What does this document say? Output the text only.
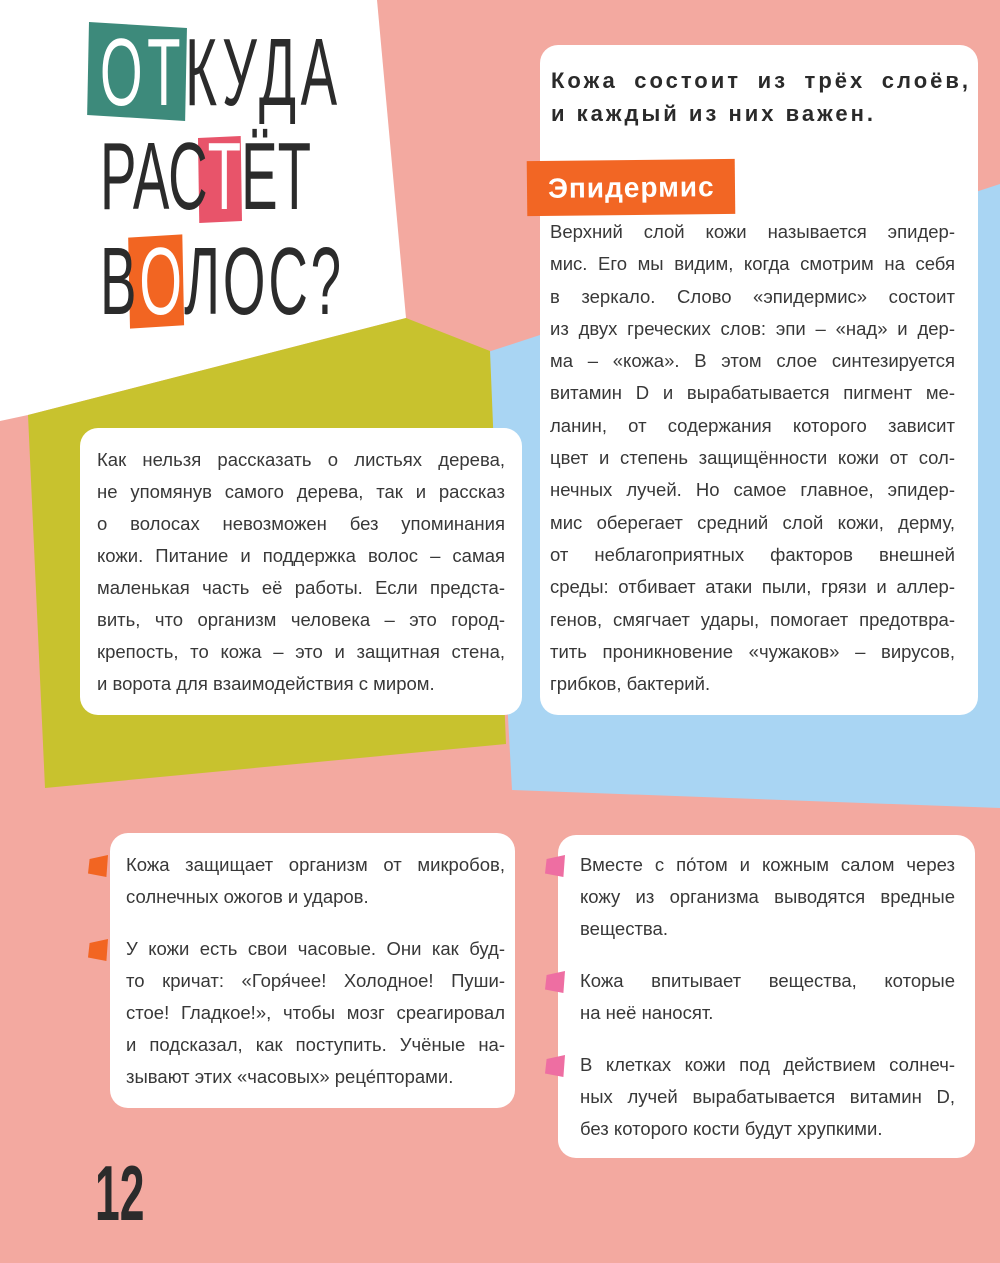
ОТКУДА
РАСТЁТ
ВОЛОС?
Как нельзя рассказать о листьях дерева,
не упомянув самого дерева, так и рассказ
о волосах невозможен без упоминания
кожи. Питание и поддержка волос – самая
маленькая часть её работы. Если предста-
вить, что организм человека – это город-
крепость, то кожа – это и защитная стена,
и ворота для взаимодействия с миром.
Кожа состоит из трёх слоёв,
и каждый из них важен.
Эпидермис
Верхний слой кожи называется эпидер-
мис. Его мы видим, когда смотрим на себя
в зеркало. Слово «эпидермис» состоит
из двух греческих слов: эпи – «над» и дер-
ма – «кожа». В этом слое синтезируется
витамин D и вырабатывается пигмент ме-
ланин, от содержания которого зависит
цвет и степень защищённости кожи от сол-
нечных лучей. Но самое главное, эпидер-
мис оберегает средний слой кожи, дерму,
от неблагоприятных факторов внешней
среды: отбивает атаки пыли, грязи и аллер-
генов, смягчает удары, помогает предотвра-
тить проникновение «чужаков» – вирусов,
грибков, бактерий.
Кожа защищает организм от микробов,
солнечных ожогов и ударов.
У кожи есть свои часовые. Они как буд-
то кричат: «Горя́чее! Холодное! Пуши-
стое! Гладкое!», чтобы мозг среагировал
и подсказал, как поступить. Учёные на-
зывают этих «часовых» реце́пторами.
Вместе с по́том и кожным салом через
кожу из организма выводятся вредные
вещества.
Кожа впитывает вещества, которые
на неё наносят.
В клетках кожи под действием солнеч-
ных лучей вырабатывается витамин D,
без которого кости будут хрупкими.
12
